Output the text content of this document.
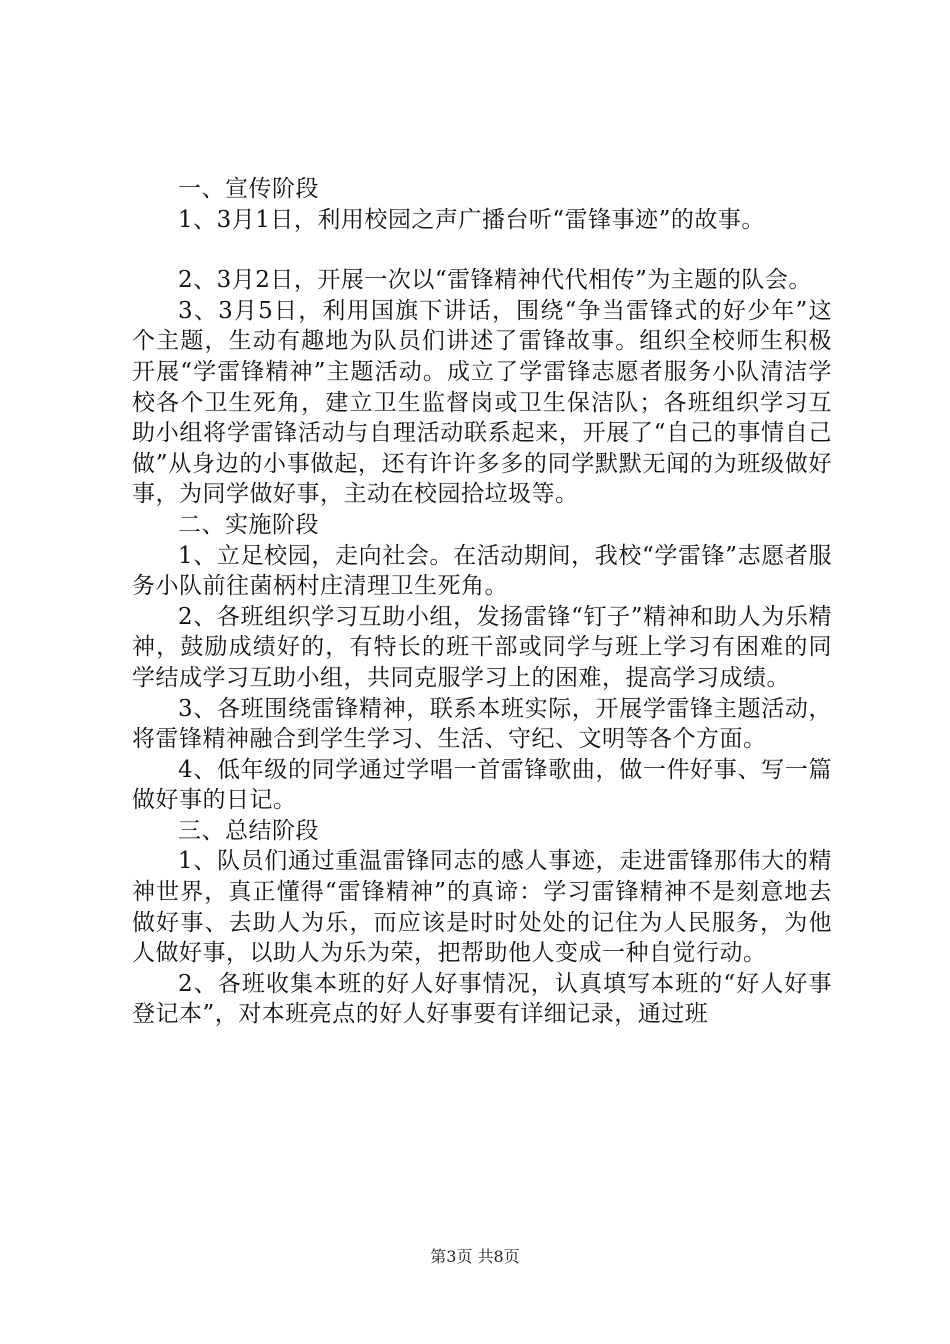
一、宣传阶段

1、3月1日，利用校园之声广播台听“雷锋事迹”的故事。

2、3月2日，开展一次以“雷锋精神代代相传”为主题的队会。

3、3月5日，利用国旗下讲话，围绕“争当雷锋式的好少年”这个主题，生动有趣地为队员们讲述了雷锋故事。组织全校师生积极开展“学雷锋精神”主题活动。成立了学雷锋志愿者服务小队清洁学校各个卫生死角，建立卫生监督岗或卫生保洁队；各班组织学习互助小组将学雷锋活动与自理活动联系起来，开展了“自己的事情自己做”从身边的小事做起，还有许许多多的同学默默无闻的为班级做好事，为同学做好事，主动在校园拾垃圾等。

二、实施阶段

1、立足校园，走向社会。在活动期间，我校“学雷锋”志愿者服务小队前往菌柄村庄清理卫生死角。

2、各班组织学习互助小组，发扬雷锋“钉子”精神和助人为乐精神，鼓励成绩好的，有特长的班干部或同学与班上学习有困难的同学结成学习互助小组，共同克服学习上的困难，提高学习成绩。

3、各班围绕雷锋精神，联系本班实际，开展学雷锋主题活动，将雷锋精神融合到学生学习、生活、守纪、文明等各个方面。

4、低年级的同学通过学唱一首雷锋歌曲，做一件好事、写一篇做好事的日记。

三、总结阶段

1、队员们通过重温雷锋同志的感人事迹，走进雷锋那伟大的精神世界，真正懂得“雷锋精神”的真谛：学习雷锋精神不是刻意地去做好事、去助人为乐，而应该是时时处处的记住为人民服务，为他人做好事，以助人为乐为荣，把帮助他人变成一种自觉行动。

2、各班收集本班的好人好事情况，认真填写本班的“好人好事登记本”，对本班亮点的好人好事要有详细记录，通过班

第3页 共8页
